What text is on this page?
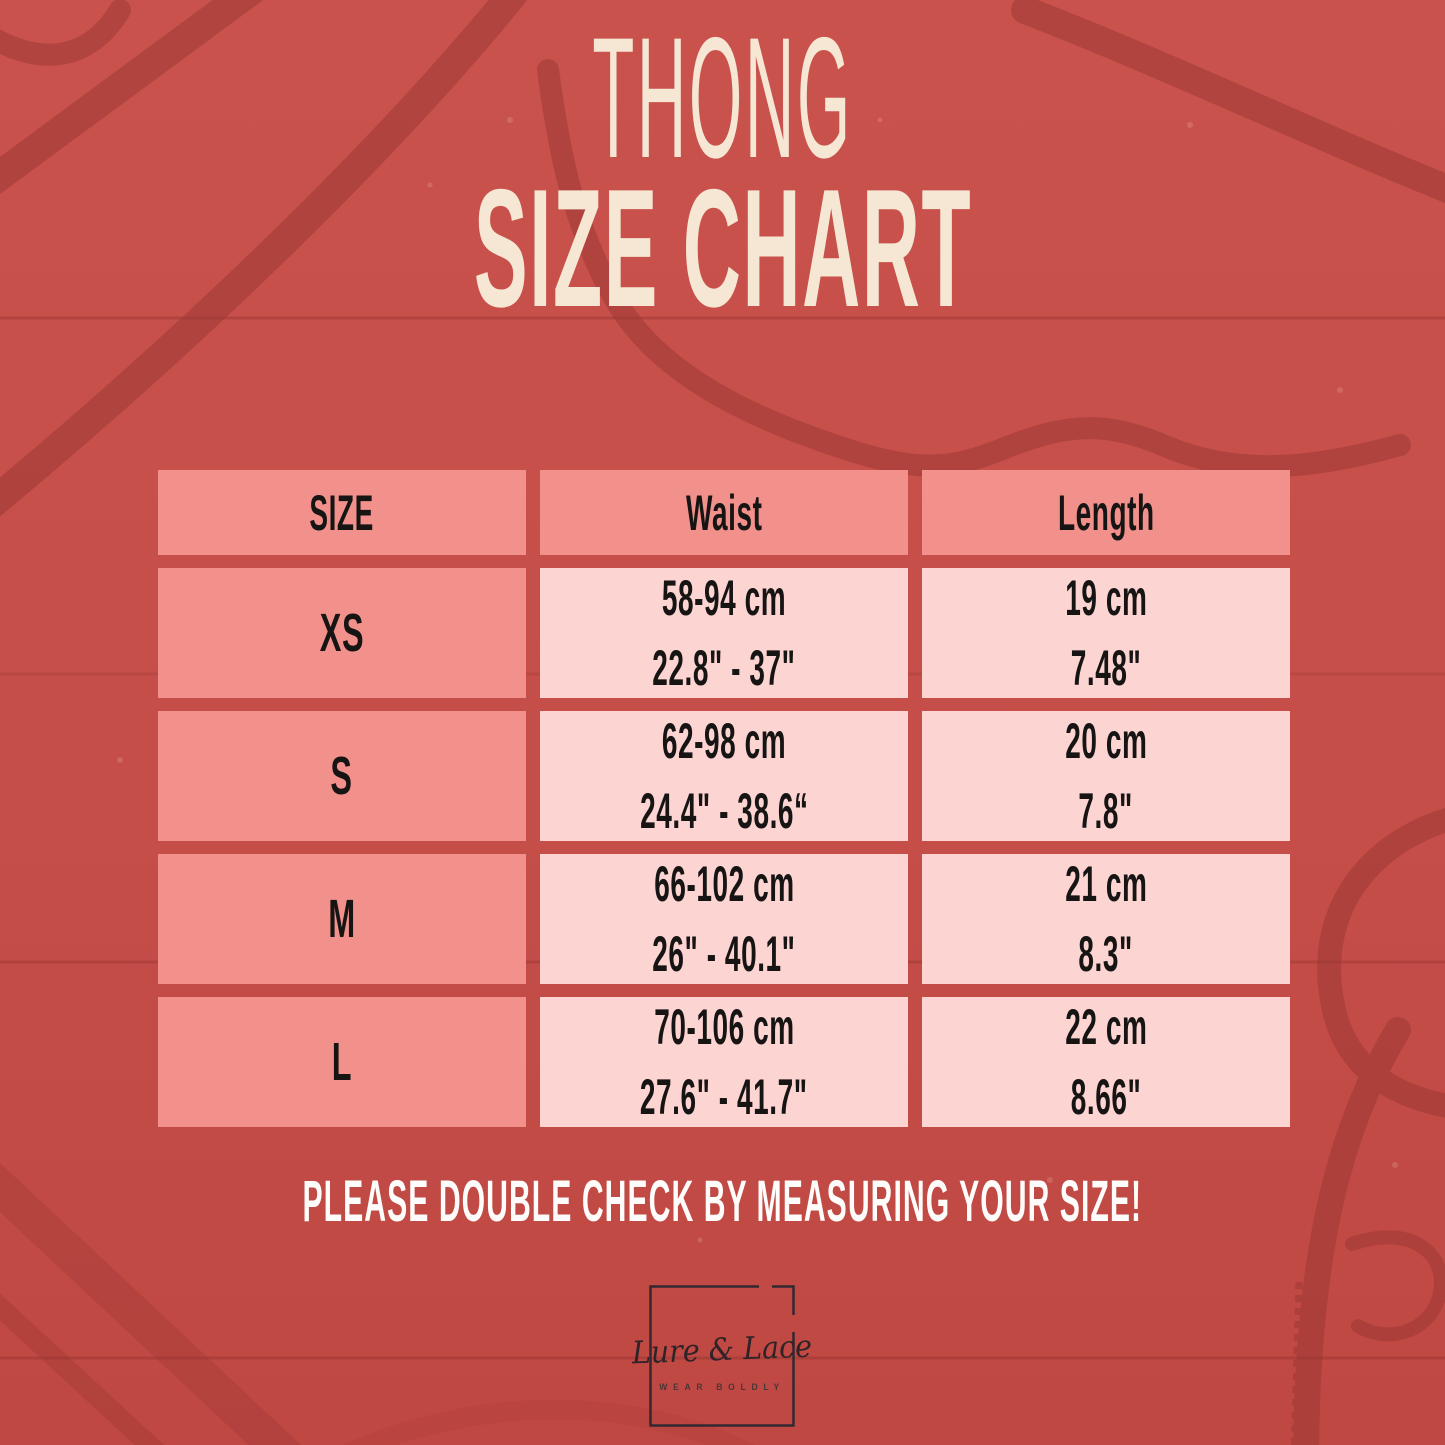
THONG
SIZE CHART
SIZE	Waist	Length
XS
58-94 cm
22.8" - 37"
19 cm
7.48"
S
62-98 cm
24.4" - 38.6“
20 cm
7.8"
M
66-102 cm
26" - 40.1"
21 cm
8.3"
L
70-106 cm
27.6" - 41.7"
22 cm
8.66"
PLEASE DOUBLE CHECK BY MEASURING YOUR SIZE!
Lure & Lace
WEAR BOLDLY
